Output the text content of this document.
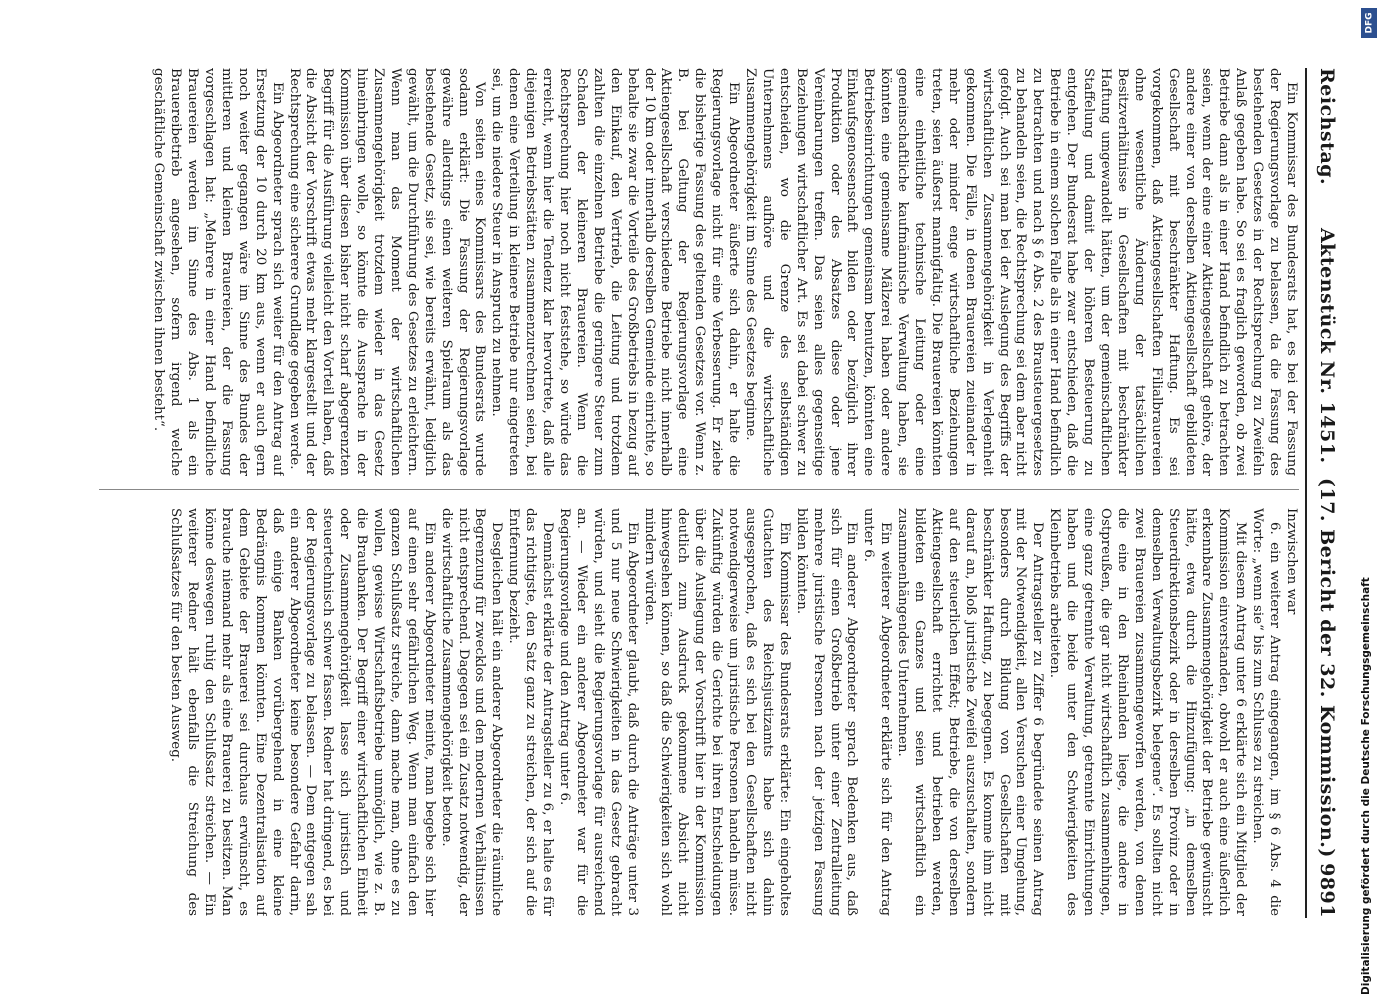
Reichstag.
Aktenstück Nr. 1451.
(17. Bericht der 32. Kommission.)
9891

Ein Kommissar des Bundesrats hat, es bei der Fassung der Regierungsvorlage zu belassen, da die Fassung des bestehenden Gesetzes in der Rechtsprechung zu Zweifeln Anlaß gegeben habe. So sei es fraglich geworden, ob zwei Betriebe dann als in einer Hand befindlich zu betrachten seien, wenn der eine einer Aktiengesellschaft gehöre, der andere einer von derselben Aktiengesellschaft gebildeten Gesellschaft mit beschränkter Haftung. Es sei vorgekommen, daß Aktiengesellschaften Filialbrauereien ohne wesentliche Änderung der tatsächlichen Besitzverhältnisse in Gesellschaften mit beschränkter Haftung umgewandelt hätten, um der gemeinschaftlichen Staffelung und damit der höheren Besteuerung zu entgehen. Der Bundesrat habe zwar entschieden, daß die Betriebe in einem solchen Falle als in einer Hand befindlich zu betrachten und nach § 6 Abs. 2 des Brausteuergesetzes zu behandeln seien, die Rechtsprechung sei dem aber nicht gefolgt. Auch sei man bei der Auslegung des Begriffs der wirtschaftlichen Zusammengehörigkeit in Verlegenheit gekommen. Die Fälle, in denen Brauereien zueinander in mehr oder minder enge wirtschaftliche Beziehungen treten, seien äußerst mannigfaltig. Die Brauereien könnten eine einheitliche technische Leitung oder eine gemeinschaftliche kaufmännische Verwaltung haben, sie könnten eine gemeinsame Mälzerei haben oder andere Betriebseinrichtungen gemeinsam benutzen, könnten eine Einkaufsgenossenschaft bilden oder bezüglich ihrer Produktion oder des Absatzes diese oder jene Vereinbarungen treffen. Das seien alles gegenseitige Beziehungen wirtschaftlicher Art. Es sei dabei schwer zu entscheiden, wo die Grenze des selbständigen Unternehmens aufhöre und die wirtschaftliche Zusammengehörigkeit im Sinne des Gesetzes beginne.

Ein Abgeordneter äußerte sich dahin, er halte die Regierungsvorlage nicht für eine Verbesserung. Er ziehe die bisherige Fassung des geltenden Gesetzes vor. Wenn z. B. bei Geltung der Regierungsvorlage eine Aktiengesellschaft verschiedene Betriebe nicht innerhalb der 10 km oder innerhalb derselben Gemeinde einrichte, so behalte sie zwar die Vorteile des Großbetriebs in bezug auf den Einkauf, den Vertrieb, die Leitung und trotzdem zahlten die einzelnen Betriebe die geringere Steuer zum Schaden der kleineren Brauereien. Wenn die Rechtsprechung hier noch nicht feststehe, so würde das erreicht, wenn hier die Tendenz klar hervortrete, daß alle diejenigen Betriebsstätten zusammenzurechnen seien, bei denen eine Verteilung in kleinere Betriebe nur eingetreten sei, um die niedere Steuer in Anspruch zu nehmen.

Von seiten eines Kommissars des Bundesrats wurde sodann erklärt: Die Fassung der Regierungsvorlage gewähre allerdings einen weiteren Spielraum als das bestehende Gesetz, sie sei, wie bereits erwähnt, lediglich gewählt, um die Durchführung des Gesetzes zu erleichtern. Wenn man das Moment der wirtschaftlichen Zusammengehörigkeit trotzdem wieder in das Gesetz hineinbringen wolle, so könnte die Aussprache in der Kommission über diesen bisher nicht scharf abgegrenzten Begriff für die Ausführung vielleicht den Vorteil haben, daß die Absicht der Vorschrift etwas mehr klargestellt und der Rechtsprechung eine sicherere Grundlage gegeben werde.

Ein Abgeordneter sprach sich weiter für den Antrag auf Ersetzung der 10 durch 20 km aus, wenn er auch gern noch weiter gegangen wäre im Sinne des Bundes der mittleren und kleinen Brauereien, der die Fassung vorgeschlagen hat: „Mehrere in einer Hand befindliche Brauereien werden im Sinne des Abs. 1 als ein Brauereibetrieb angesehen, sofern irgend welche geschäftliche Gemeinschaft zwischen ihnen besteht“.

Inzwischen war

6. ein weiterer Antrag eingegangen, im § 6 Abs. 4 die Worte: „wenn sie“ bis zum Schlusse zu streichen.

Mit diesem Antrag unter 6 erklärte sich ein Mitglied der Kommission einverstanden, obwohl er auch eine äußerlich erkennbare Zusammengehörigkeit der Betriebe gewünscht hätte, etwa durch die Hinzufügung: „in demselben Steuerdirektionsbezirk oder in derselben Provinz oder in demselben Verwaltungsbezirk belegene“. Es sollten nicht zwei Brauereien zusammengeworfen werden, von denen die eine in den Rheinlanden liege, die andere in Ostpreußen, die gar nicht wirtschaftlich zusammenhingen, eine ganz getrennte Verwaltung, getrennte Einrichtungen haben und die beide unter den Schwierigkeiten des Kleinbetriebs arbeiteten.

Der Antragsteller zu Ziffer 6 begründete seinen Antrag mit der Notwendigkeit, allen Versuchen einer Umgehung, besonders durch Bildung von Gesellschaften mit beschränkter Haftung, zu begegnen. Es komme ihm nicht darauf an, bloß juristische Zweifel auszuschalten, sondern auf den steuerlichen Effekt; Betriebe, die von derselben Aktiengesellschaft errichtet und betrieben werden, bildeten ein Ganzes und seien wirtschaftlich ein zusammenhängendes Unternehmen.

Ein weiterer Abgeordneter erklärte sich für den Antrag unter 6.

Ein anderer Abgeordneter sprach Bedenken aus, daß sich für einen Großbetrieb unter einer Zentralleitung mehrere juristische Personen nach der jetzigen Fassung bilden könnten.

Ein Kommissar des Bundesrats erklärte: Ein eingeholtes Gutachten des Reichsjustizamts habe sich dahin ausgesprochen, daß es sich bei den Gesellschaften nicht notwendigerweise um juristische Personen handeln müsse. Zukünftig würden die Gerichte bei ihren Entscheidungen über die Auslegung der Vorschrift hier in der Kommission deutlich zum Ausdruck gekommene Absicht nicht hinwegsehen können, so daß die Schwierigkeiten sich wohl mindern würden.

Ein Abgeordneter glaubt, daß durch die Anträge unter 3 und 5 nur neue Schwierigkeiten in das Gesetz gebracht würden, und sieht die Regierungsvorlage für ausreichend an. — Wieder ein anderer Abgeordneter war für die Regierungsvorlage und den Antrag unter 6.

Demnächst erklärte der Antragsteller zu 6, er halte es für das richtigste, den Satz ganz zu streichen, der sich auf die Entfernung bezieht.

Desgleichen hält ein anderer Abgeordneter die räumliche Begrenzung für zwecklos und den modernen Verhältnissen nicht entsprechend. Dagegen sei ein Zusatz notwendig, der die wirtschaftliche Zusammengehörigkeit betone.

Ein anderer Abgeordneter meinte, man begebe sich hier auf einen sehr gefährlichen Weg. Wenn man einfach den ganzen Schlußsatz streiche, dann mache man, ohne es zu wollen, gewisse Wirtschaftsbetriebe unmöglich, wie z. B. die Braubanken. Der Begriff einer wirtschaftlichen Einheit oder Zusammengehörigkeit lasse sich juristisch und steuertechnisch schwer fassen. Redner hat dringend, es bei der Regierungsvorlage zu belassen. — Dem entgegen sah ein anderer Abgeordneter keine besondere Gefahr darin, daß einige Banken vorübergehend in eine kleine Bedrängnis kommen könnten. Eine Dezentralisation auf dem Gebiete der Brauerei sei durchaus erwünscht, es brauche niemand mehr als eine Brauerei zu besitzen. Man könne deswegen ruhig den Schlußsatz streichen. — Ein weiterer Redner hält ebenfalls die Streichung des Schlußsatzes für den besten Ausweg.

DFG
Digitalisierung gefördert durch die Deutsche Forschungsgemeinschaft
